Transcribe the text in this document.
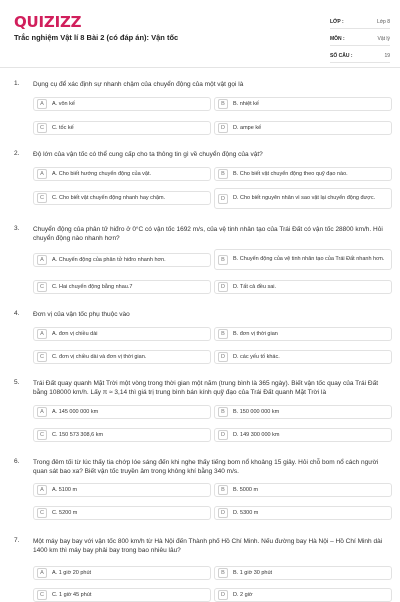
QUIZIZZ
Trắc nghiệm Vật lí 8 Bài 2 (có đáp án): Vận tốc
LỚP :	Lớp 8
MÔN :	Vật lý
SỐ CÂU :	19
1. Dụng cụ để xác định sự nhanh chậm của chuyển động của một vật gọi là
A	A. vôn kế	B	B. nhiệt kế
C	C. tốc kế	D	D. ampe kế
2. Độ lớn của vận tốc có thể cung cấp cho ta thông tin gì về chuyển động của vật?
A	A. Cho biết hướng chuyển động của vật.	B	B. Cho biết vật chuyển động theo quỹ đạo nào.
C	C. Cho biết vật chuyển động nhanh hay chậm.	D	D. Cho biết nguyên nhân vì sao vật lại chuyển động được.
3. Chuyển động của phân tử hiđro ở 0°C có vận tốc 1692 m/s, của vệ tinh nhân tạo của Trái Đất có vận tốc 28800 km/h. Hỏi chuyển động nào nhanh hơn?
A	A. Chuyển động của phân tử hiđro nhanh hơn.	B	B. Chuyển động của vệ tinh nhân tạo của Trái Đất nhanh hơn.
C	C. Hai chuyển động bằng nhau.7	D	D. Tất cả đều sai.
4. Đơn vị của vận tốc phụ thuộc vào
A	A. đơn vị chiều dài	B	B. đơn vị thời gian
C	C. đơn vị chiều dài và đơn vị thời gian.	D	D. các yếu tố khác.
5. Trái Đất quay quanh Mặt Trời một vòng trong thời gian một năm (trung bình là 365 ngày). Biết vận tốc quay của Trái Đất bằng 108000 km/h. Lấy π ≈ 3,14 thì giá trị trung bình bán kính quỹ đạo của Trái Đất quanh Mặt Trời là
A	A. 145 000 000 km	B	B. 150 000 000 km
C	C. 150 573 308,6 km	D	D. 149 300 000 km
6. Trong đêm tối từ lúc thấy tia chớp lóe sáng đến khi nghe thấy tiếng bom nổ khoảng 15 giây. Hỏi chỗ bom nổ cách người quan sát bao xa? Biết vận tốc truyền âm trong không khí bằng 340 m/s.
A	A. 5100 m	B	B. 5000 m
C	C. 5200 m	D	D. 5300 m
7. Một máy bay bay với vận tốc 800 km/h từ Hà Nội đến Thành phố Hồ Chí Minh. Nếu đường bay Hà Nội – Hồ Chí Minh dài 1400 km thì máy bay phải bay trong bao nhiêu lâu?
A	A. 1 giờ 20 phút	B	B. 1 giờ 30 phút
C	C. 1 giờ 45 phút	D	D. 2 giờ
